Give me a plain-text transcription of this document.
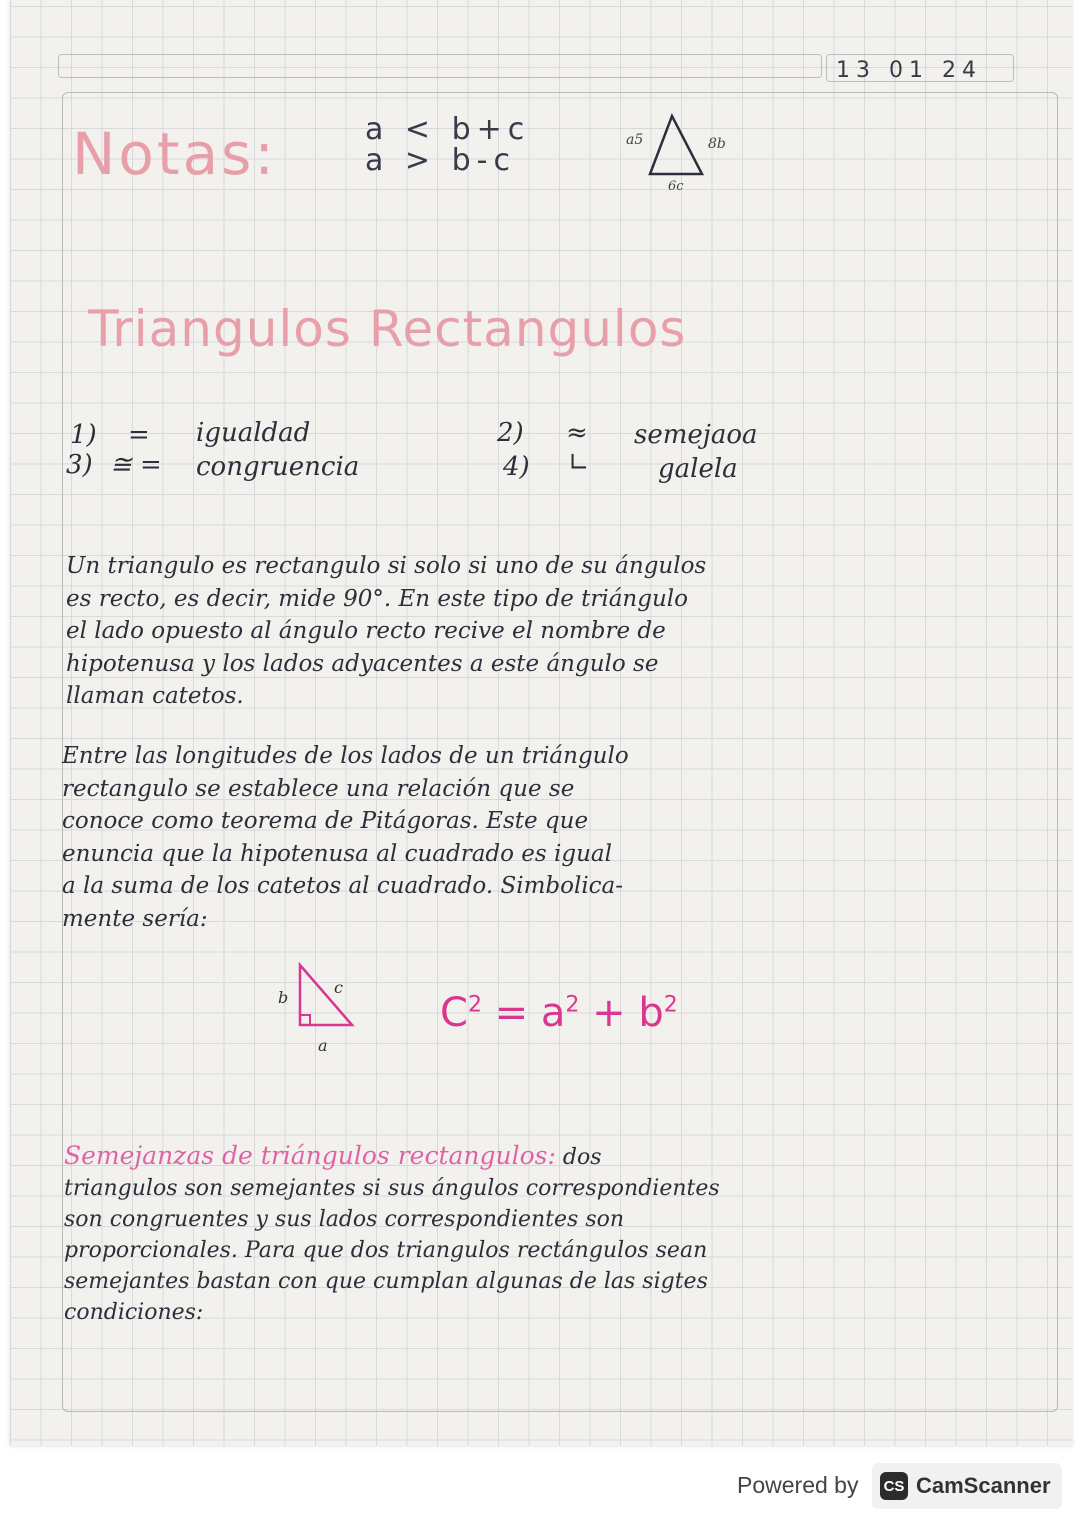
13 01 24
Notas:	a < b+c
a > b-c
a5	8b
6c
Triangulos Rectangulos
1) = igualdad	2) ≈ semejaoa
3) ≅ = congruencia	4) ∟	galela
Un triangulo es rectangulo si solo si uno de su ángulos
es recto, es decir, mide 90°. En este tipo de triángulo
el lado opuesto al ángulo recto recive el nombre de
hipotenusa y los lados adyacentes a este ángulo se
llaman catetos.
Entre las longitudes de los lados de un triángulo
rectangulo se establece una relación que se
conoce como teorema de Pitágoras. Este que
enuncia que la hipotenusa al cuadrado es igual
a la suma de los catetos al cuadrado. Simbolica-
mente sería:
b
c
a
$C^2 = a^2 + b^2$
Semejanzas de triángulos rectangulos: dos
triangulos son semejantes si sus ángulos correspondientes
son congruentes y sus lados correspondientes son
proporcionales. Para que dos triangulos rectángulos sean
semejantes bastan con que cumplan algunas de las sigtes
condiciones:
Powered by CS CamScanner
